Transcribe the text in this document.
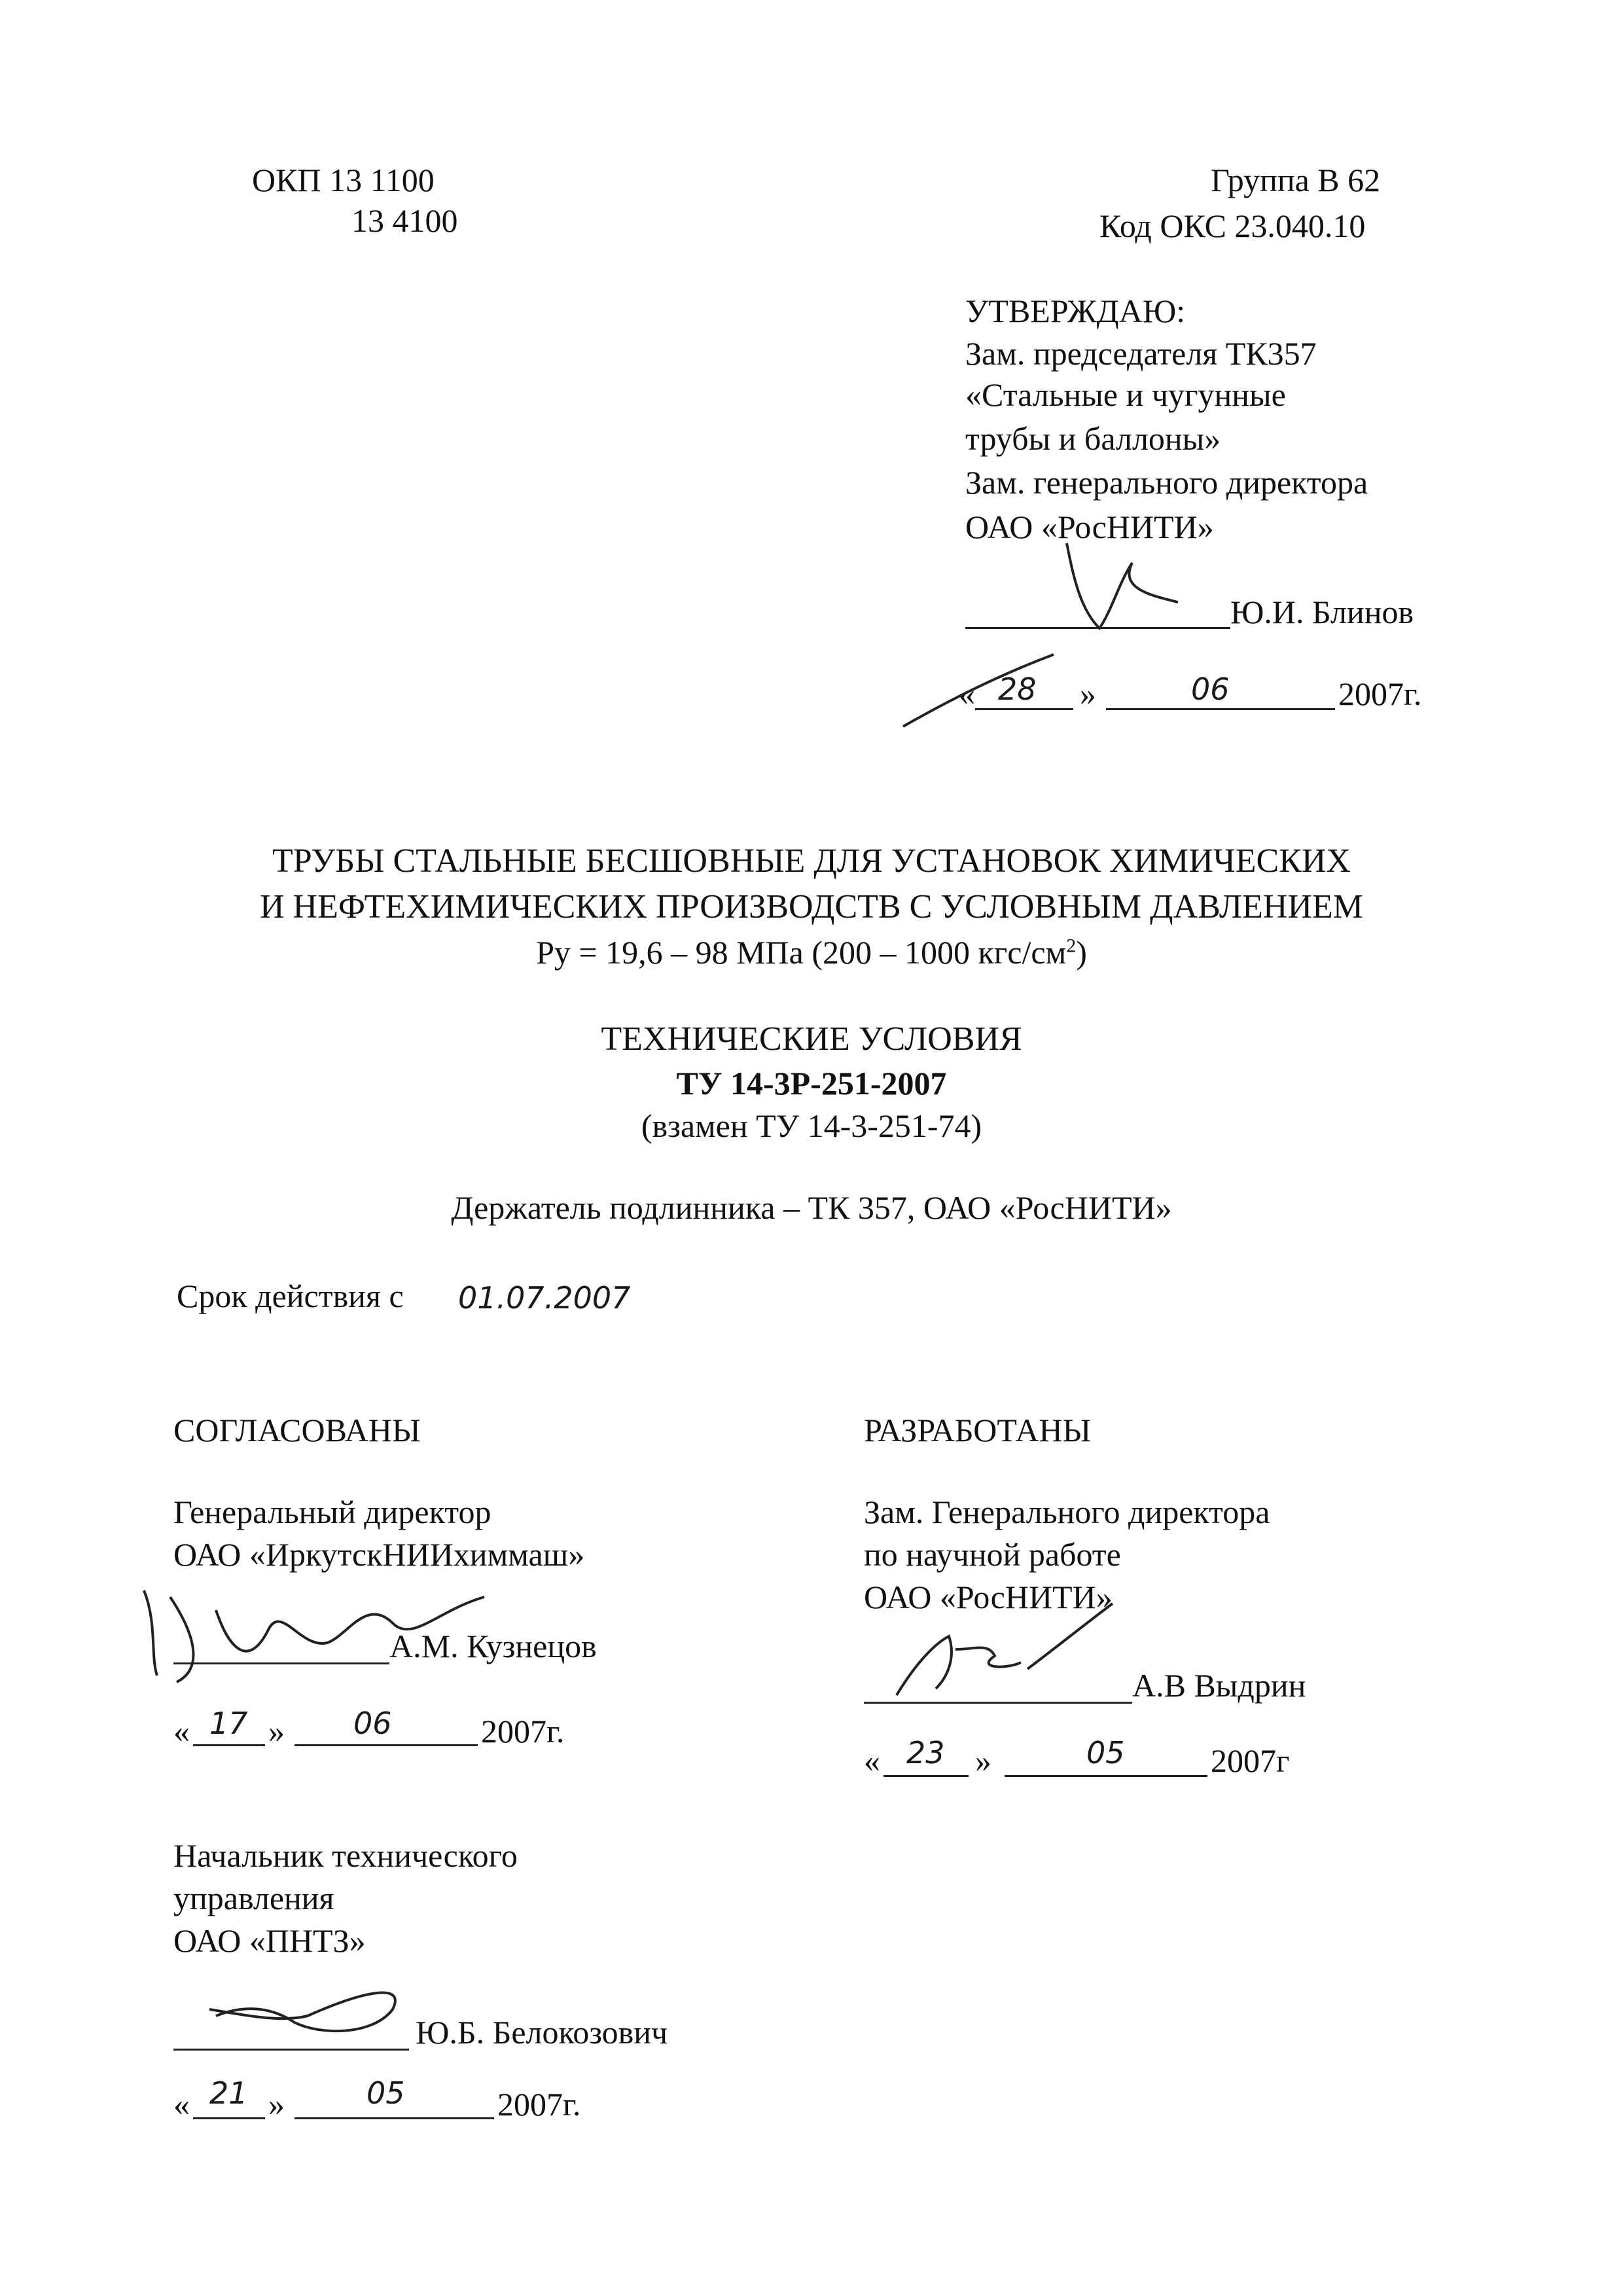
ОКП 13 1100
13 4100
Группа В 62
Код ОКС 23.040.10
УТВЕРЖДАЮ:
Зам. председателя ТК357
«Стальные и чугунные
трубы и баллоны»
Зам. генерального директора
ОАО «РосНИТИ»
Ю.И. Блинов
« 28 »	06	2007г.
ТРУБЫ СТАЛЬНЫЕ БЕСШОВНЫЕ ДЛЯ УСТАНОВОК ХИМИЧЕСКИХ
И НЕФТЕХИМИЧЕСКИХ ПРОИЗВОДСТВ С УСЛОВНЫМ ДАВЛЕНИЕМ
Ру = 19,6 – 98 МПа (200 – 1000 кгс/$см^2$)
ТЕХНИЧЕСКИЕ УСЛОВИЯ
ТУ 14-3Р-251-2007
(взамен ТУ 14-3-251-74)
Держатель подлинника – ТК 357, ОАО «РосНИТИ»
Срок действия с 01.07.2007
СОГЛАСОВАНЫ
Генеральный директор
ОАО «ИркутскНИИхиммаш»
А.М. Кузнецов
« 17 » 06	2007г.
Начальник технического
управления
ОАО «ПНТЗ»
Ю.Б. Белокозович
« 21 »	05	2007г.
РАЗРАБОТАНЫ
Зам. Генерального директора
по научной работе
ОАО «РосНИТИ»
А.В Выдрин
« 23 »	05	2007г
